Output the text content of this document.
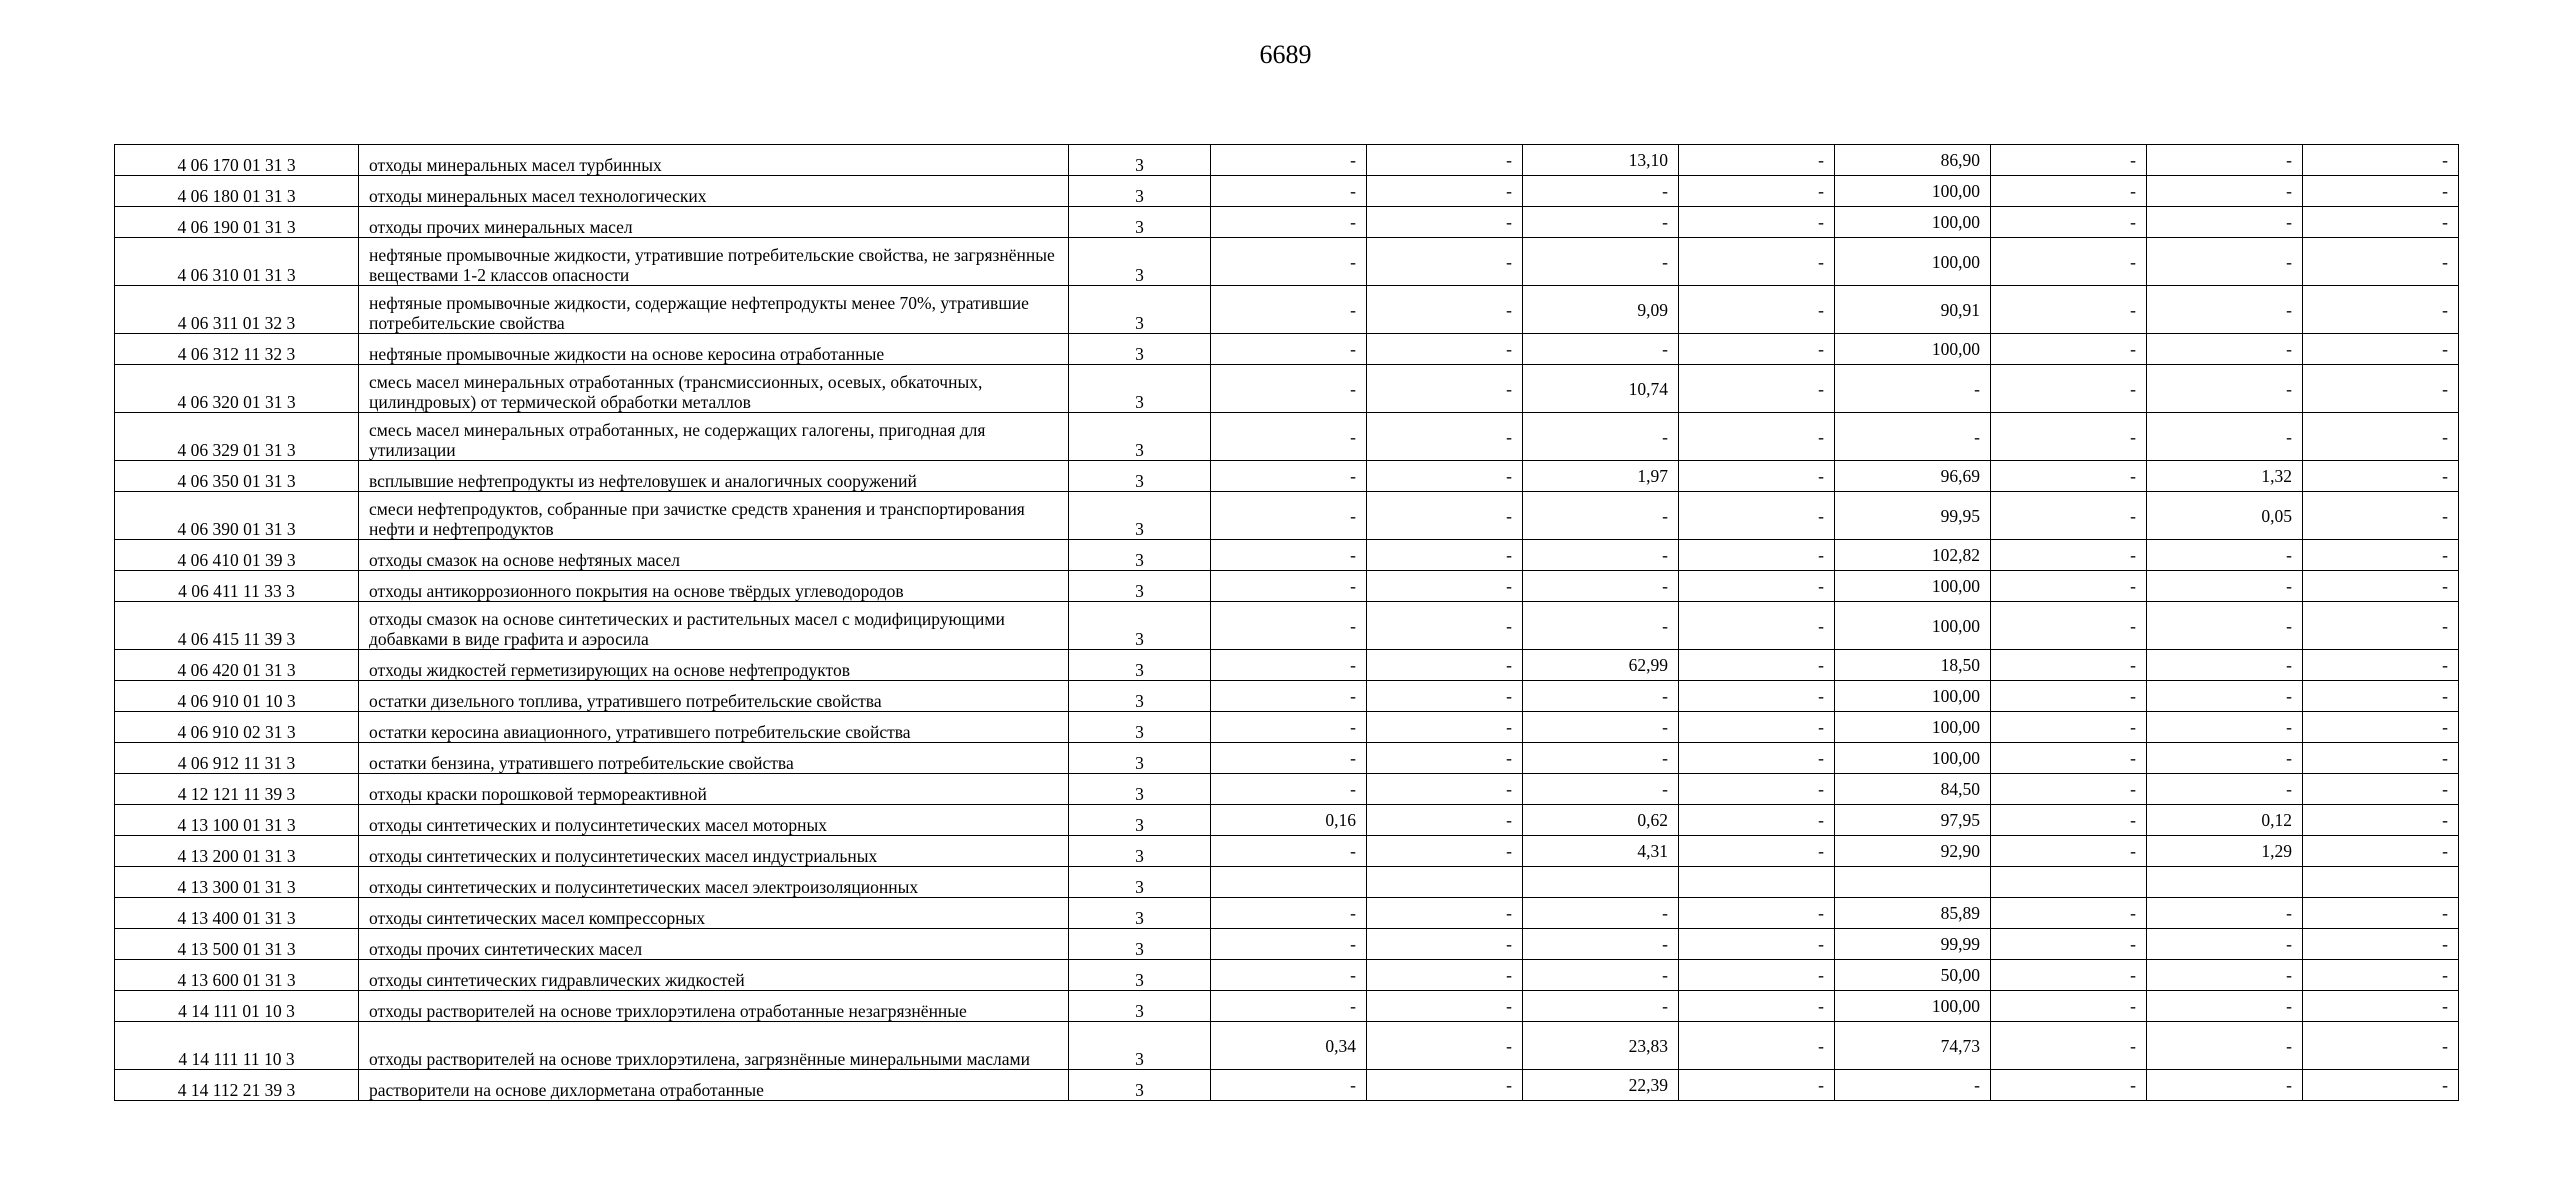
6689
4 06 170 01 31 3	отходы минеральных масел турбинных	3	-	-	13,10	-	86,90	-	-	-
4 06 180 01 31 3	отходы минеральных масел технологических	3	-	-	-	-	100,00	-	-	-
4 06 190 01 31 3	отходы прочих минеральных масел	3	-	-	-	-	100,00	-	-	-
4 06 310 01 31 3	нефтяные промывочные жидкости, утратившие потребительские свойства, не загрязнённые веществами 1-2 классов опасности	3	-	-	-	-	100,00	-	-	-
4 06 311 01 32 3	нефтяные промывочные жидкости, содержащие нефтепродукты менее 70%, утратившие потребительские свойства	3	-	-	9,09	-	90,91	-	-	-
4 06 312 11 32 3	нефтяные промывочные жидкости на основе керосина отработанные	3	-	-	-	-	100,00	-	-	-
4 06 320 01 31 3	смесь масел минеральных отработанных (трансмиссионных, осевых, обкаточных, цилиндровых) от термической обработки металлов	3	-	-	10,74	-	-	-	-	-
4 06 329 01 31 3	смесь масел минеральных отработанных, не содержащих галогены, пригодная для утилизации	3	-	-	-	-	-	-	-	-
4 06 350 01 31 3	всплывшие нефтепродукты из нефтеловушек и аналогичных сооружений	3	-	-	1,97	-	96,69	-	1,32	-
4 06 390 01 31 3	смеси нефтепродуктов, собранные при зачистке средств хранения и транспортирования нефти и нефтепродуктов	3	-	-	-	-	99,95	-	0,05	-
4 06 410 01 39 3	отходы смазок на основе нефтяных масел	3	-	-	-	-	102,82	-	-	-
4 06 411 11 33 3	отходы антикоррозионного покрытия на основе твёрдых углеводородов	3	-	-	-	-	100,00	-	-	-
4 06 415 11 39 3	отходы смазок на основе синтетических и растительных масел с модифицирующими добавками в виде графита и аэросила	3	-	-	-	-	100,00	-	-	-
4 06 420 01 31 3	отходы жидкостей герметизирующих на основе нефтепродуктов	3	-	-	62,99	-	18,50	-	-	-
4 06 910 01 10 3	остатки дизельного топлива, утратившего потребительские свойства	3	-	-	-	-	100,00	-	-	-
4 06 910 02 31 3	остатки керосина авиационного, утратившего потребительские свойства	3	-	-	-	-	100,00	-	-	-
4 06 912 11 31 3	остатки бензина, утратившего потребительские свойства	3	-	-	-	-	100,00	-	-	-
4 12 121 11 39 3	отходы краски порошковой термореактивной	3	-	-	-	-	84,50	-	-	-
4 13 100 01 31 3	отходы синтетических и полусинтетических масел моторных	3	0,16	-	0,62	-	97,95	-	0,12	-
4 13 200 01 31 3	отходы синтетических и полусинтетических масел индустриальных	3	-	-	4,31	-	92,90	-	1,29	-
4 13 300 01 31 3	отходы синтетических и полусинтетических масел электроизоляционных	3								
4 13 400 01 31 3	отходы синтетических масел компрессорных	3	-	-	-	-	85,89	-	-	-
4 13 500 01 31 3	отходы прочих синтетических масел	3	-	-	-	-	99,99	-	-	-
4 13 600 01 31 3	отходы синтетических гидравлических жидкостей	3	-	-	-	-	50,00	-	-	-
4 14 111 01 10 3	отходы растворителей на основе трихлорэтилена отработанные незагрязнённые	3	-	-	-	-	100,00	-	-	-
4 14 111 11 10 3	отходы растворителей на основе трихлорэтилена, загрязнённые минеральными маслами	3	0,34	-	23,83	-	74,73	-	-	-
4 14 112 21 39 3	растворители на основе дихлорметана отработанные	3	-	-	22,39	-	-	-	-	-
